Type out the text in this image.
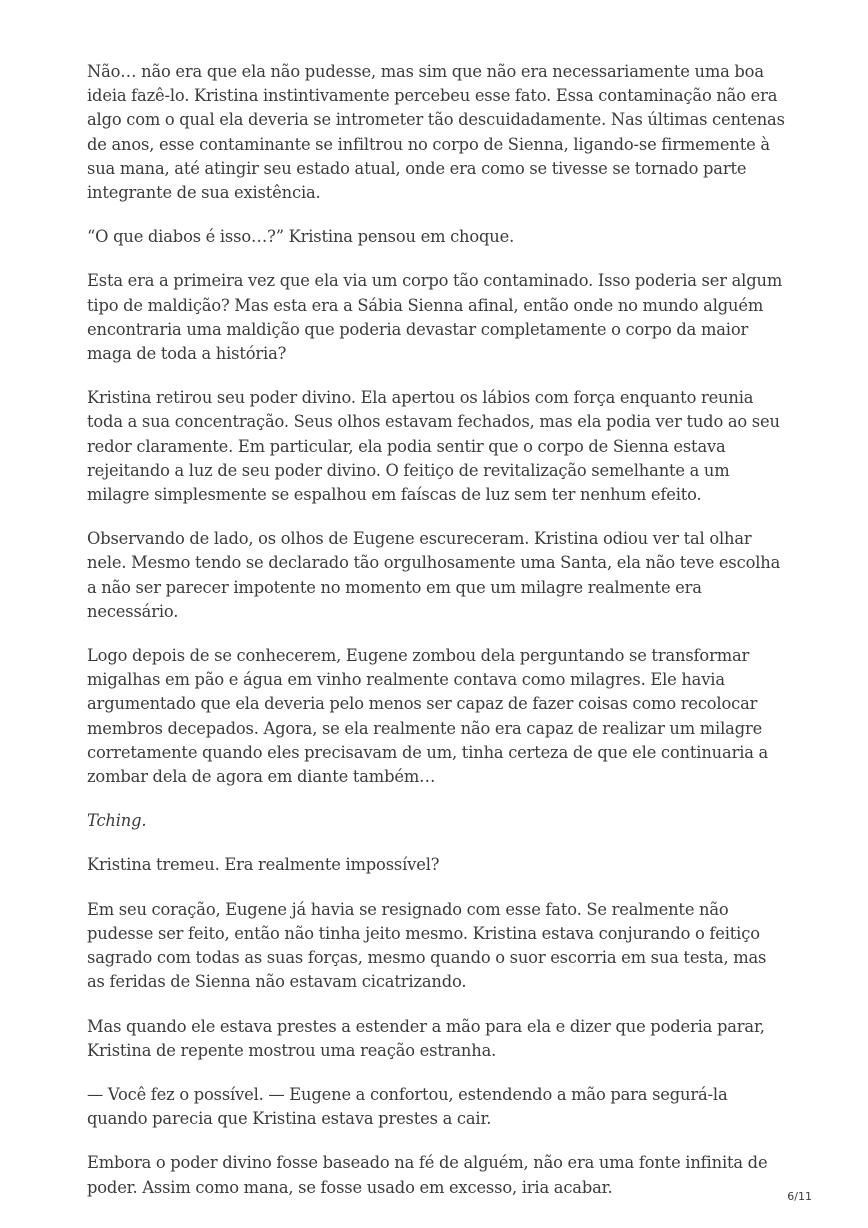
Não… não era que ela não pudesse, mas sim que não era necessariamente uma boa ideia fazê-lo. Kristina instintivamente percebeu esse fato. Essa contaminação não era algo com o qual ela deveria se intrometer tão descuidadamente. Nas últimas centenas de anos, esse contaminante se infiltrou no corpo de Sienna, ligando-se firmemente à sua mana, até atingir seu estado atual, onde era como se tivesse se tornado parte integrante de sua existência.

“O que diabos é isso…?” Kristina pensou em choque.

Esta era a primeira vez que ela via um corpo tão contaminado. Isso poderia ser algum tipo de maldição? Mas esta era a Sábia Sienna afinal, então onde no mundo alguém encontraria uma maldição que poderia devastar completamente o corpo da maior maga de toda a história?

Kristina retirou seu poder divino. Ela apertou os lábios com força enquanto reunia toda a sua concentração. Seus olhos estavam fechados, mas ela podia ver tudo ao seu redor claramente. Em particular, ela podia sentir que o corpo de Sienna estava rejeitando a luz de seu poder divino. O feitiço de revitalização semelhante a um milagre simplesmente se espalhou em faíscas de luz sem ter nenhum efeito.

Observando de lado, os olhos de Eugene escureceram. Kristina odiou ver tal olhar nele. Mesmo tendo se declarado tão orgulhosamente uma Santa, ela não teve escolha a não ser parecer impotente no momento em que um milagre realmente era necessário.

Logo depois de se conhecerem, Eugene zombou dela perguntando se transformar migalhas em pão e água em vinho realmente contava como milagres. Ele havia argumentado que ela deveria pelo menos ser capaz de fazer coisas como recolocar membros decepados. Agora, se ela realmente não era capaz de realizar um milagre corretamente quando eles precisavam de um, tinha certeza de que ele continuaria a zombar dela de agora em diante também…

Tching.

Kristina tremeu. Era realmente impossível?

Em seu coração, Eugene já havia se resignado com esse fato. Se realmente não pudesse ser feito, então não tinha jeito mesmo. Kristina estava conjurando o feitiço sagrado com todas as suas forças, mesmo quando o suor escorria em sua testa, mas as feridas de Sienna não estavam cicatrizando.

Mas quando ele estava prestes a estender a mão para ela e dizer que poderia parar, Kristina de repente mostrou uma reação estranha.

— Você fez o possível. — Eugene a confortou, estendendo a mão para segurá-la quando parecia que Kristina estava prestes a cair.

Embora o poder divino fosse baseado na fé de alguém, não era uma fonte infinita de poder. Assim como mana, se fosse usado em excesso, iria acabar.	6/11
